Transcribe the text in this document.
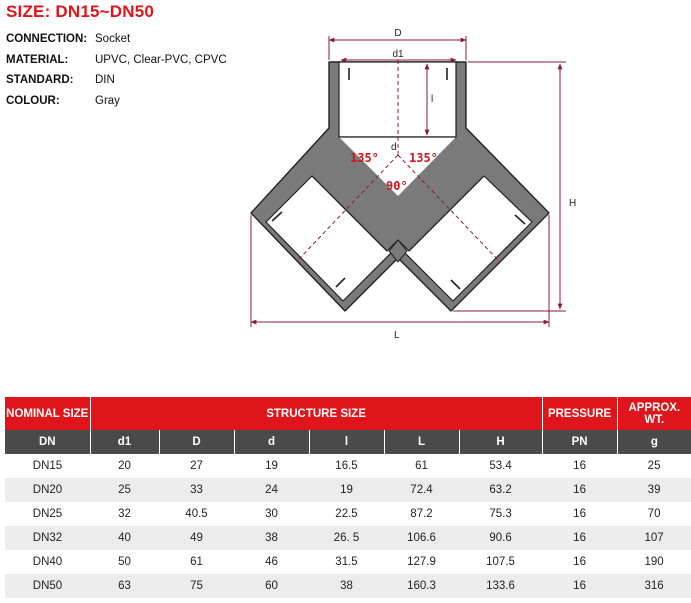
SIZE: DN15~DN50
CONNECTION: Socket
MATERIAL:	UPVC, Clear-PVC, CPVC
STANDARD:	DIN
COLOUR:	Gray
D
d1
l
d
H
L
135°	135°
90°
NOMINAL SIZE	STRUCTURE SIZE						PRESSURE	APPROX. WT.
DN	d1	D	d	l	L	H	PN	g
DN15	20	27	19	16.5	61	53.4	16	25
DN20	25	33	24	19	72.4	63.2	16	39
DN25	32	40.5	30	22.5	87.2	75.3	16	70
DN32	40	49	38	26. 5	106.6	90.6	16	107
DN40	50	61	46	31.5	127.9	107.5	16	190
DN50	63	75	60	38	160.3	133.6	16	316
